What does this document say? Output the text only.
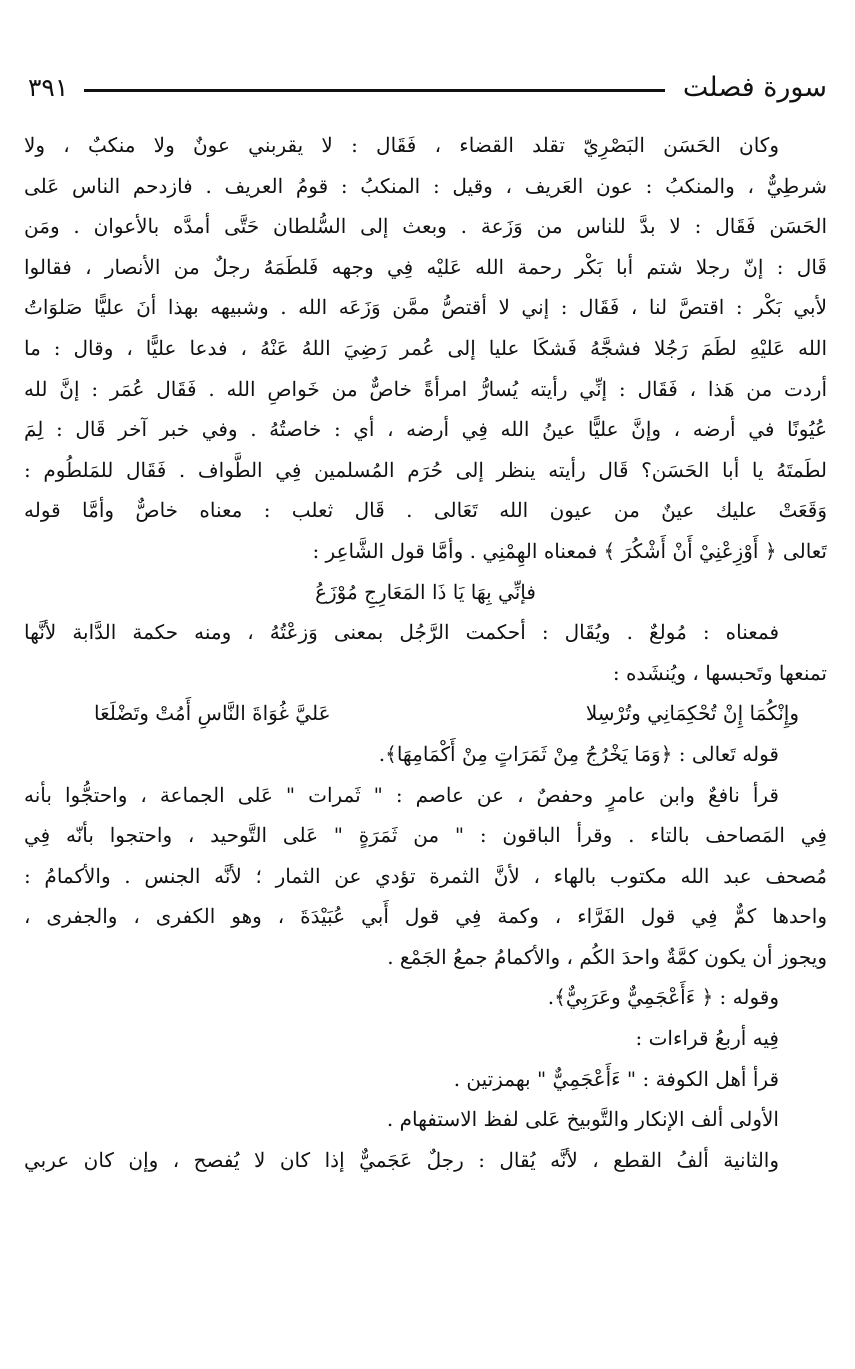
سورة فصلت
٣٩١
وكان الحَسَن البَصْرِيّ تقلد القضاء ، فَقَال : لا يقربني عونٌ ولا منكبٌ ، ولا
شرطِيٌّ ، والمنكبُ : عون العَريف ، وقيل : المنكبُ : قومُ العريف . فازدحم الناس عَلى
الحَسَن فَقَال : لا بدَّ للناس من وَزَعة . وبعث إلى السُّلطان حَتَّى أمدَّه بالأعوان . ومَن
قَال : إنّ رجلا شتم أبا بَكْر رحمة الله عَليْه فِي وجهه فَلطَمَهُ رجلٌ من الأنصار ، فقالوا
لأبي بَكْر : اقتصَّ لنا ، فَقَال : إني لا أقتصُّ ممَّن وَزَعَه الله . وشبيهه بهذا أنَ عليًّا صَلوَاتُ
الله عَليْهِ لطَمَ رَجُلا فشجَّهُ فَشكَا عليا إلى عُمر رَضِيَ اللهُ عَنْهُ ، فدعا عليًّا ، وقال : ما
أردت من هَذا ، فَقَال : إنِّي رأيته يُسارُّ امرأةً خاصٌّ من خَواصِ الله . فَقَال عُمَر : إنَّ لله
عُيُونًا في أرضه ، وإنَّ عليًّا عينُ الله فِي أرضه ، أي : خاصتُهُ . وفي خبر آخر قَال : لِمَ
لطَمتَهُ يا أبا الحَسَن؟ قَال رأيته ينظر إلى حُرَم المُسلمين فِي الطَّواف . فَقَال للمَلطُوم :
وَقَعَتْ عليك عينٌ من عيون الله تَعَالى . قَال ثعلب : معناه خاصٌّ وأمَّا قوله
تَعالى ﴿ أَوْزِعْنِيْ أَنْ أَشْكُرَ ﴾ فمعناه الهِمْنِي . وأمَّا قول الشَّاعِر :
فإنِّي بِهَا يَا ذَا المَعَارِجِ مُوْزَعُ
فمعناه : مُولعٌ . ويُقَال : أحكمت الرَّجُل بمعنى وَزعْتُهُ ، ومنه حكمة الدَّابة لأنَّها
تمنعها وتَحبسها ، ويُنشَده :
وإِنْكُمَا إِنْ تُحْكِمَانِي وتُرْسِلا
عَليَّ غُوَاةَ النَّاسِ أَمُتْ وتَضْلَعَا
قوله تَعالى : ﴿وَمَا يَخْرُجُ مِنْ ثَمَرَاتٍ مِنْ أَكْمَامِهَا﴾.
قرأ نافعٌ وابن عامرٍ وحفصٌ ، عن عاصم : " ثَمرات " عَلى الجماعة ، واحتجُّوا بأنه
فِي المَصاحف بالتاء . وقرأ الباقون : " من ثَمَرَةٍ " عَلى التَّوحيد ، واحتجوا بأنّه فِي
مُصحف عبد الله مكتوب بالهاء ، لأنَّ الثمرة تؤدي عن الثمار ؛ لأنَّه الجنس . والأكمامُ :
واحدها كمٌّ فِي قول الفَرَّاء ، وكمة فِي قول أَبي عُبَيْدَةَ ، وهو الكفرى ، والجفرى ،
ويجوز أن يكون كمَّةٌ واحدَ الكُم ، والأكمامُ جمعُ الجَمْع .
وقوله : ﴿ ءَأَعْجَمِيٌّ وعَرَبِيٌّ﴾.
فِيه أربعُ قراءات :
قرأ أهل الكوفة : " ءَأَعْجَمِيٌّ " بهمزتين .
الأولى ألف الإنكار والتَّوبيخ عَلى لفظ الاستفهام .
والثانية ألفُ القطع ، لأنَّه يُقال : رجلٌ عَجَميٌّ إذا كان لا يُفصح ، وإن كان عربي
